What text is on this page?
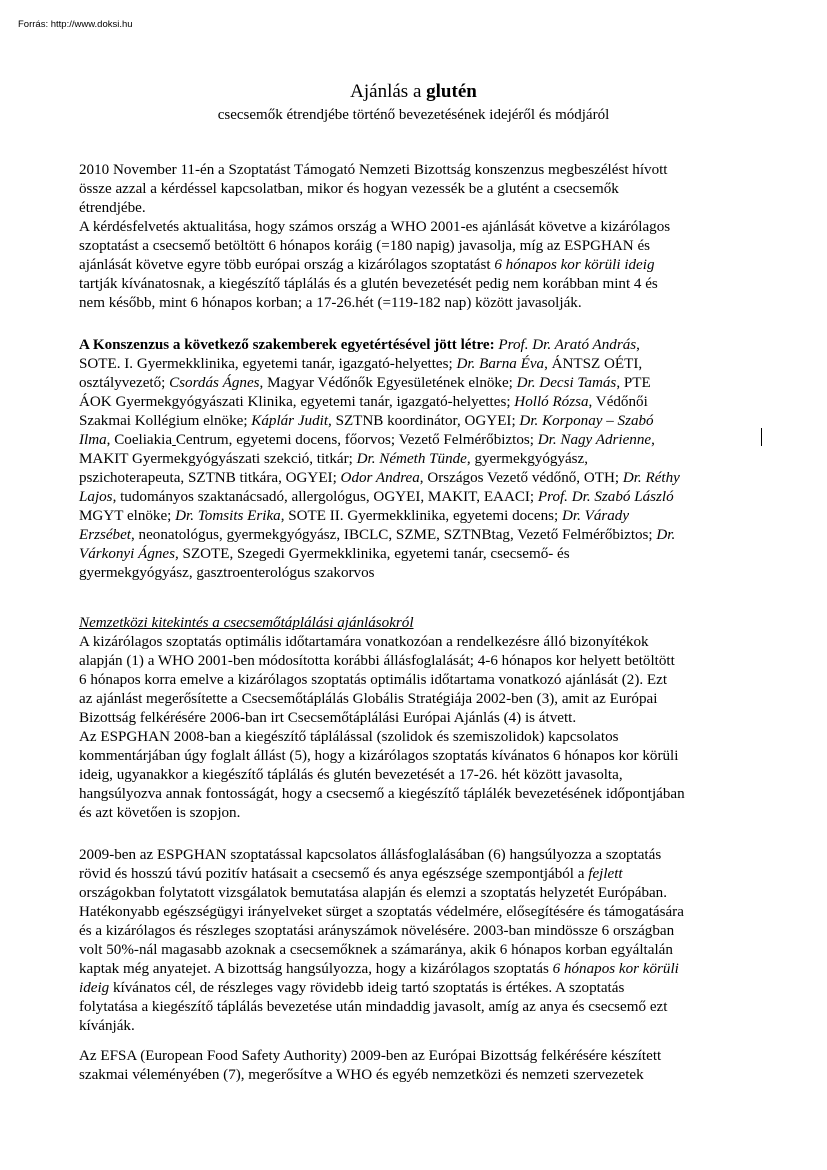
Forrás: http://www.doksi.hu
Ajánlás a glutén
csecsemők étrendjébe történő bevezetésének idejéről és módjáról
2010 November 11-én a Szoptatást Támogató Nemzeti Bizottság konszenzus megbeszélést hívott
össze azzal a kérdéssel kapcsolatban, mikor és hogyan vezessék be a glutént a csecsemők
étrendjébe.
A kérdésfelvetés aktualitása, hogy számos ország a WHO 2001-es ajánlását követve a kizárólagos
szoptatást a csecsemő betöltött 6 hónapos koráig (=180 napig) javasolja, míg az ESPGHAN és
ajánlását követve egyre több európai ország a kizárólagos szoptatást 6 hónapos kor körüli ideig
tartják kívánatosnak, a kiegészítő táplálás és a glutén bevezetését pedig nem korábban mint 4 és
nem később, mint 6 hónapos korban; a 17-26.hét (=119-182 nap) között javasolják.
A Konszenzus a következő szakemberek egyetértésével jött létre: Prof. Dr. Arató András,
SOTE. I. Gyermekklinika, egyetemi tanár, igazgató-helyettes; Dr. Barna Éva, ÁNTSZ OÉTI,
osztályvezető; Csordás Ágnes, Magyar Védőnők Egyesületének elnöke; Dr. Decsi Tamás, PTE
ÁOK Gyermekgyógyászati Klinika, egyetemi tanár, igazgató-helyettes; Holló Rózsa, Védőnői
Szakmai Kollégium elnöke; Káplár Judit, SZTNB koordinátor, OGYEI; Dr. Korponay – Szabó
Ilma, Coeliakia Centrum, egyetemi docens, főorvos; Vezető Felmérőbiztos; Dr. Nagy Adrienne,
MAKIT Gyermekgyógyászati szekció, titkár; Dr. Németh Tünde, gyermekgyógyász,
pszichoterapeuta, SZTNB titkára, OGYEI; Odor Andrea, Országos Vezető védőnő, OTH; Dr. Réthy
Lajos, tudományos szaktanácsadó, allergológus, OGYEI, MAKIT, EAACI; Prof. Dr. Szabó László
MGYT elnöke; Dr. Tomsits Erika, SOTE II. Gyermekklinika, egyetemi docens; Dr. Várady
Erzsébet, neonatológus, gyermekgyógyász, IBCLC, SZME, SZTNBtag, Vezető Felmérőbiztos; Dr.
Várkonyi Ágnes, SZOTE, Szegedi Gyermekklinika, egyetemi tanár, csecsemő- és
gyermekgyógyász, gasztroenterológus szakorvos
Nemzetközi kitekintés a csecsemőtáplálási ajánlásokról
A kizárólagos szoptatás optimális időtartamára vonatkozóan a rendelkezésre álló bizonyítékok
alapján (1) a WHO 2001-ben módosította korábbi állásfoglalását; 4-6 hónapos kor helyett betöltött
6 hónapos korra emelve a kizárólagos szoptatás optimális időtartama vonatkozó ajánlását (2). Ezt
az ajánlást megerősítette a Csecsemőtáplálás Globális Stratégiája 2002-ben (3), amit az Európai
Bizottság felkérésére 2006-ban irt Csecsemőtáplálási Európai Ajánlás (4) is átvett.
Az ESPGHAN 2008-ban a kiegészítő táplálással (szolidok és szemiszolidok) kapcsolatos
kommentárjában úgy foglalt állást (5), hogy a kizárólagos szoptatás kívánatos 6 hónapos kor körüli
ideig, ugyanakkor a kiegészítő táplálás és glutén bevezetését a 17-26. hét között javasolta,
hangsúlyozva annak fontosságát, hogy a csecsemő a kiegészítő táplálék bevezetésének időpontjában
és azt követően is szopjon.
2009-ben az ESPGHAN szoptatással kapcsolatos állásfoglalásában (6) hangsúlyozza a szoptatás
rövid és hosszú távú pozitív hatásait a csecsemő és anya egészsége szempontjából a fejlett
országokban folytatott vizsgálatok bemutatása alapján és elemzi a szoptatás helyzetét Európában.
Hatékonyabb egészségügyi irányelveket sürget a szoptatás védelmére, elősegítésére és támogatására
és a kizárólagos és részleges szoptatási arányszámok növelésére. 2003-ban mindössze 6 országban
volt 50%-nál magasabb azoknak a csecsemőknek a számaránya, akik 6 hónapos korban egyáltalán
kaptak még anyatejet. A bizottság hangsúlyozza, hogy a kizárólagos szoptatás 6 hónapos kor körüli
ideig kívánatos cél, de részleges vagy rövidebb ideig tartó szoptatás is értékes. A szoptatás
folytatása a kiegészítő táplálás bevezetése után mindaddig javasolt, amíg az anya és csecsemő ezt
kívánják.
Az EFSA (European Food Safety Authority) 2009-ben az Európai Bizottság felkérésére készített
szakmai véleményében (7), megerősítve a WHO és egyéb nemzetközi és nemzeti szervezetek
